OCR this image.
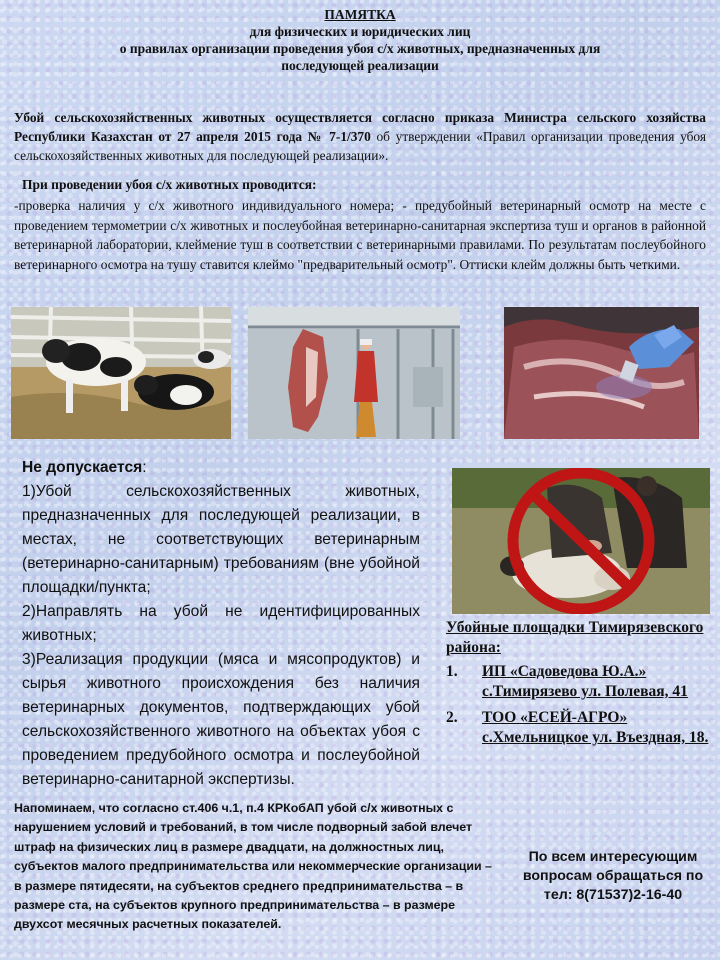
ПАМЯТКА
для физических и юридических лиц
о правилах организации проведения убоя с/х животных, предназначенных для
последующей реализации
Убой сельскохозяйственных животных осуществляется согласно приказа Министра сельского хозяйства Республики Казахстан от 27 апреля 2015 года № 7-1/370 об утверждении «Правил организации проведения убоя сельскохозяйственных животных для последующей реализации».
При проведении убоя с/х животных проводится:
-проверка наличия у с/х животного индивидуального номера; - предубойный ветеринарный осмотр на месте с проведением термометрии с/х животных и послеубойная ветеринарно-санитарная экспертиза туш и органов в районной ветеринарной лаборатории, клеймение туш в соответствии с ветеринарными правилами. По результатам послеубойного ветеринарного осмотра на тушу ставится клеймо "предварительный осмотр". Оттиски клейм должны быть четкими.

Не допускается:

1)Убой сельскохозяйственных животных, предназначенных для последующей реализации, в местах, не соответствующих ветеринарным (ветеринарно-санитарным) требованиям (вне убойной площадки/пункта;

2)Направлять на убой не идентифицированных животных;

3)Реализация продукции (мяса и мясопродуктов) и сырья животного происхождения без наличия ветеринарных документов, подтверждающих убой сельскохозяйственного животного на объектах убоя с проведением предубойного осмотра и послеубойной ветеринарно-санитарной экспертизы.

Убойные площадки Тимирязевского района:
1.	ИП «Садоведова Ю.А.» с.Тимирязево ул. Полевая, 41
2.	ТОО «ЕСЕЙ-АГРО» с.Хмельницкое ул. Въездная, 18.
Напоминаем, что согласно ст.406 ч.1, п.4 КРКобАП убой с/х животных с нарушением условий и требований, в том числе подворный забой влечет штраф на физических лиц в размере двадцати, на должностных лиц, субъектов малого предпринимательства или некоммерческие организации – в размере пятидесяти, на субъектов среднего предпринимательства – в размере ста, на субъектов крупного предпринимательства – в размере двухсот месячных расчетных показателей.
По всем интересующим вопросам обращаться по тел: 8(71537)2-16-40
